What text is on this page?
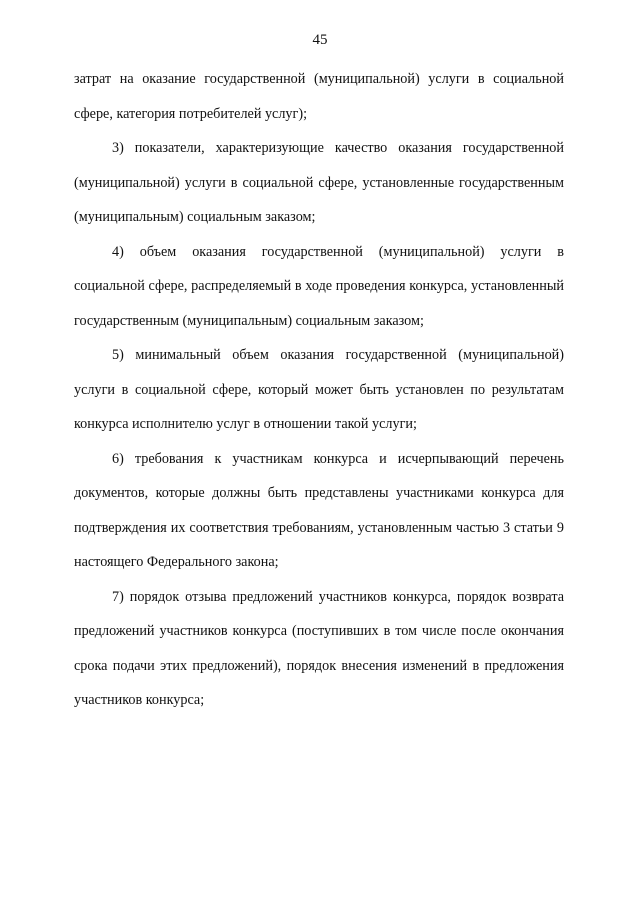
45

затрат на оказание государственной (муниципальной) услуги в социальной сфере, категория потребителей услуг);

3) показатели, характеризующие качество оказания государственной (муниципальной) услуги в социальной сфере, установленные государственным (муниципальным) социальным заказом;

4) объем оказания государственной (муниципальной) услуги в социальной сфере, распределяемый в ходе проведения конкурса, установленный государственным (муниципальным) социальным заказом;

5) минимальный объем оказания государственной (муниципальной) услуги в социальной сфере, который может быть установлен по результатам конкурса исполнителю услуг в отношении такой услуги;

6) требования к участникам конкурса и исчерпывающий перечень документов, которые должны быть представлены участниками конкурса для подтверждения их соответствия требованиям, установленным частью 3 статьи 9 настоящего Федерального закона;

7) порядок отзыва предложений участников конкурса, порядок возврата предложений участников конкурса (поступивших в том числе после окончания срока подачи этих предложений), порядок внесения изменений в предложения участников конкурса;
